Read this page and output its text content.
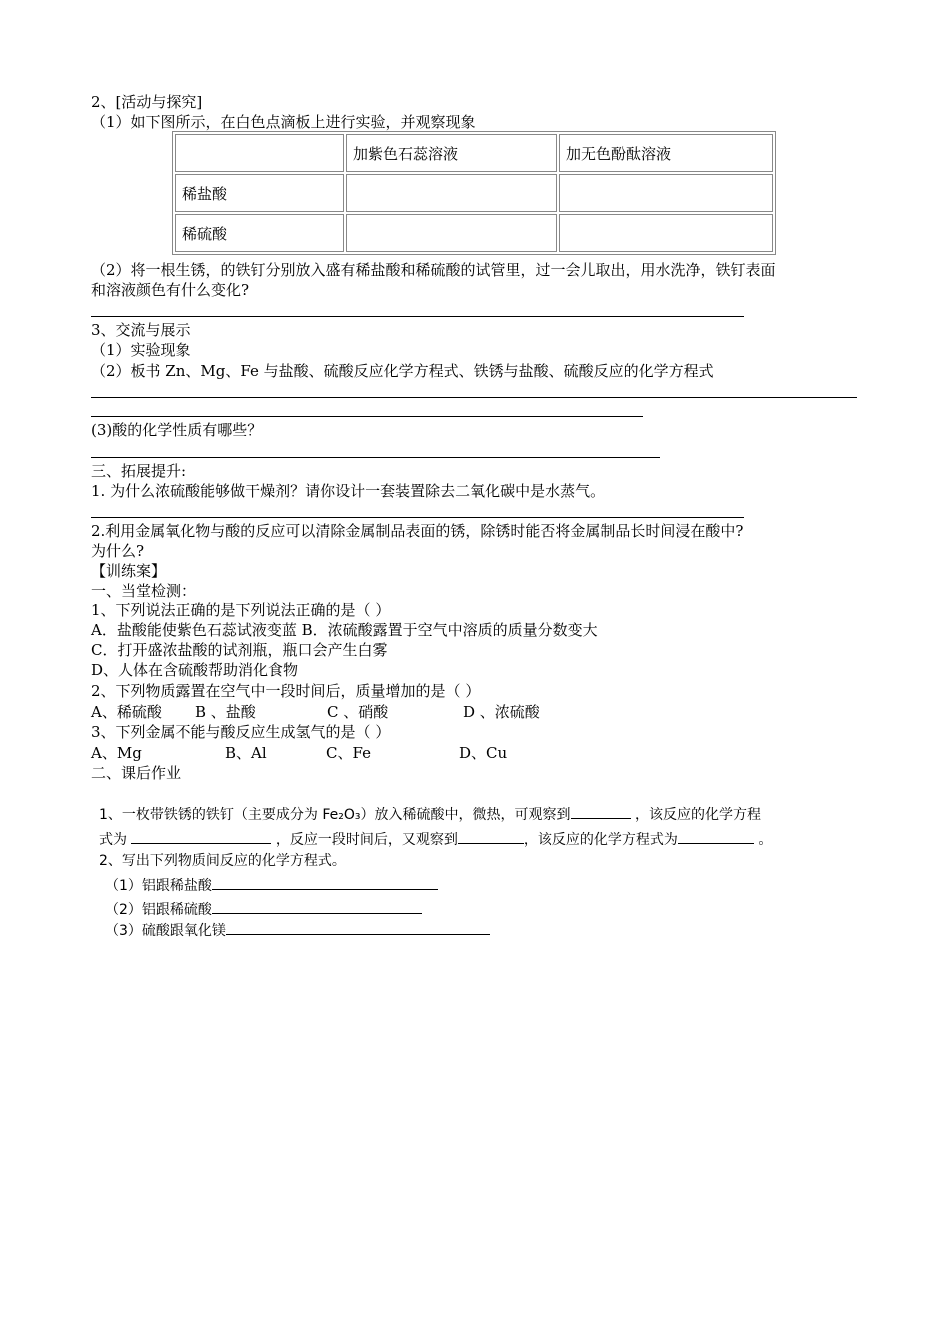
2、[活动与探究]
（1）如下图所示，在白色点滴板上进行实验，并观察现象
	加紫色石蕊溶液	加无色酚酞溶液
稀盐酸		
稀硫酸		
（2）将一根生锈，的铁钉分别放入盛有稀盐酸和稀硫酸的试管里，过一会儿取出，用水洗净，铁钉表面
和溶液颜色有什么变化?
3、交流与展示
（1）实验现象
（2）板书 Zn、Mg、Fe 与盐酸、硫酸反应化学方程式、铁锈与盐酸、硫酸反应的化学方程式
(3)酸的化学性质有哪些？
三、拓展提升:
1. 为什么浓硫酸能够做干燥剂？请你设计一套装置除去二氧化碳中是水蒸气。
2.利用金属氧化物与酸的反应可以清除金属制品表面的锈，除锈时能否将金属制品长时间浸在酸中?
为什么?
【训练案】
一、当堂检测：
1、下列说法正确的是下列说法正确的是（ ）
A．盐酸能使紫色石蕊试液变蓝 B．浓硫酸露置于空气中溶质的质量分数变大
C．打开盛浓盐酸的试剂瓶，瓶口会产生白雾
D、人体在含硫酸帮助消化食物
2、下列物质露置在空气中一段时间后，质量增加的是（ ）
A、稀硫酸 B 、盐酸	C 、硝酸	D 、浓硫酸
3、下列金属不能与酸反应生成氢气的是（ ）
A、Mg	B、Al	C、Fe	D、Cu
二、课后作业
1、一枚带铁锈的铁钉（主要成分为 Fe₂O₃）放入稀硫酸中，微热，可观察到	，该反应的化学方程
式为	，反应一段时间后，又观察到	，该反应的化学方程式为	。
2、写出下列物质间反应的化学方程式。
（1）铝跟稀盐酸
（2）铝跟稀硫酸
（3）硫酸跟氧化镁
